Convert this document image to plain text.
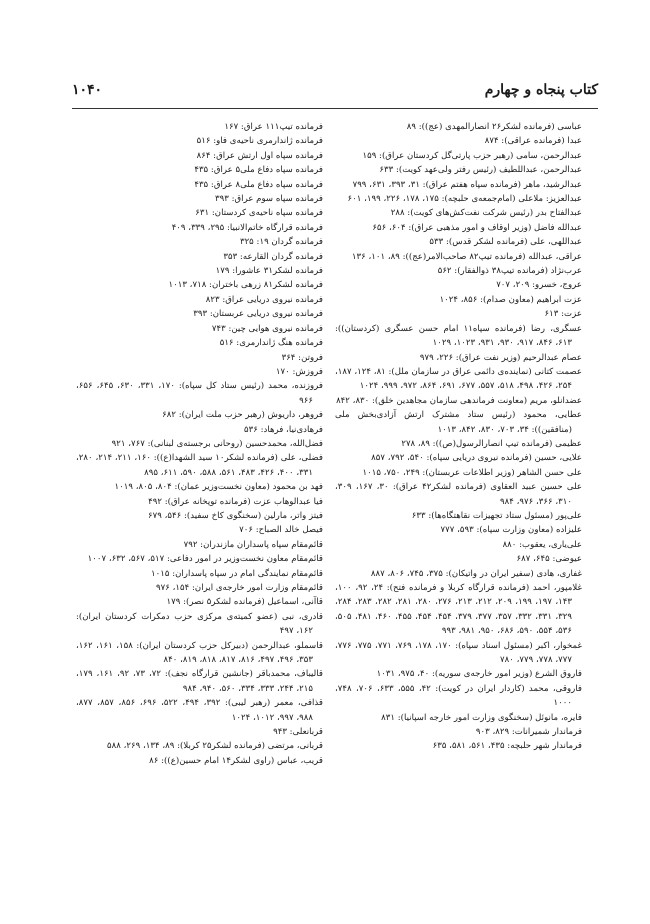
کتاب پنجاه و چهارم
۱۰۴۰

عباسی (فرمانده لشکر۲۶ انصارالمهدی (عج)): ۸۹

عبدا (فرمانده عراقی): ۸۷۴

عبدالرحمن، سامی (رهبر حزب پارتی‌گل کردستان عراق): ۱۵۹

عبدالرحمن، عبداللطیف (رئیس رفتر ولی‌عهد کویت): ۶۳۳

عبدالرشید، ماهر (فرمانده سپاه هفتم عراق): ۳۱، ۳۹۳، ۶۳۱، ۷۹۹

عبدالعزیز: ملاعلی (امام‌جمعه‌ی حلبچه): ۱۷۵، ۱۷۸، ۲۲۶، ۱۹۹، ۶۰۱

عبدالفتاح بدر (رئیس شرکت نفت‌کش‌های کویت): ۲۸۸

عبدالله فاضل (وزیر اوقاف و امور مذهبی عراق): ۶۰۴، ۶۵۶

عبداللهی، علی (فرمانده لشکر قدس): ۵۳۳

عراقی، عبدالله (فرمانده تیپ۸۲ صاحب‌الامر(عج)): ۸۹، ۱۰۱، ۱۳۶

عرب‌نژاد (فرمانده تیپ۳۸ ذوالفقار): ۵۶۲

عروج، خسرو: ۲۰۹، ۷۰۷

عزت ابراهیم (معاون صدام): ۸۵۶، ۱۰۲۴

عزت: ۶۱۳

عسگری، رضا (فرمانده سپاه۱۱ امام حسن عسگری (کردستان)): ۶۱۳، ۸۴۶، ۹۱۷، ۹۳۰، ۹۳۱، ۱۰۲۳، ۱۰۲۹

عصام عبدالرحیم (وزیر نفت عراق): ۲۲۶، ۹۷۹

عصمت کتانی (نماینده‌ی دائمی عراق در سازمان ملل): ۸۱، ۱۲۴، ۱۸۷، ۲۵۴، ۴۲۶، ۴۹۸، ۵۱۸، ۵۵۷، ۶۷۷، ۶۹۱، ۸۶۴، ۹۷۲، ۹۹۹، ۱۰۲۴

عضدانلو، مریم (معاونت فرماندهی سازمان مجاهدین خلق): ۸۳۰، ۸۴۲

عطایی، محمود (رئیس ستاد مشترک ارتش آزادی‌بخش ملی (منافقین)): ۳۴، ۷۰۳، ۸۳۰، ۸۴۲، ۱۰۱۳

عظیمی (فرمانده تیپ انصارالرسول(ص)): ۸۹، ۲۷۸

علایی، حسین (فرمانده نیروی دریایی سپاه): ۵۴۰، ۷۹۲، ۸۵۷

علی حسن الشاهر (وزیر اطلاعات عربستان): ۲۴۹، ۷۵۰، ۱۰۱۵

علی حسین عبید العقاوی (فرمانده لشکر۴۲ عراق): ۳۰، ۱۶۷، ۳۰۹، ۳۱۰، ۳۶۶، ۹۷۶، ۹۸۴

علی‌پور (مسئول ستاد تجهیزات نقاهتگاه‌ها): ۶۳۳

علیزاده (معاون وزارت سپاه): ۵۹۳، ۷۷۷

علی‌یاری، یعقوب: ۸۸۰

عیوضی: ۶۴۵، ۶۸۷

غفاری، هادی (سفیر ایران در واتیکان): ۳۷۵، ۷۴۵، ۸۰۶، ۸۸۷

غلامپور، احمد (فرمانده قرارگاه کربلا و فرمانده فتح): ۲۴، ۹۲، ۱۰۰، ۱۴۳، ۱۹۷، ۱۹۹، ۲۰۹، ۲۱۲، ۲۱۳، ۲۷۶، ۲۸۰، ۲۸۱، ۲۸۲، ۲۸۳، ۲۸۴، ۳۲۹، ۳۳۱، ۳۳۲، ۳۵۷، ۳۷۷، ۳۷۹، ۴۵۴، ۴۵۴، ۴۵۵، ۴۶۰، ۴۸۱، ۵۰۵، ۵۳۶، ۵۵۴، ۵۹۰، ۶۸۶، ۹۵۰، ۹۸۱، ۹۹۳

غمخوار، اکبر (مسئول اسناد سپاه): ۱۷۰، ۱۷۸، ۷۶۹، ۷۷۱، ۷۷۵، ۷۷۶، ۷۷۷، ۷۷۸، ۷۷۹، ۷۸۰

فاروق الشرع (وزیر امور خارجه‌ی سوریه): ۴۰، ۹۷۵، ۱۰۳۱

فاروقی، محمد (کاردار ایران در کویت): ۴۲، ۵۵۵، ۶۳۳، ۷۰۶، ۷۴۸، ۱۰۰۰

فایره، مانوئل (سخنگوی وزارت امور خارجه اسپانیا): ۸۳۱

فرماندار شمیرانات: ۸۲۹، ۹۰۳

فرماندار شهر حلبچه: ۴۳۵، ۵۶۱، ۵۸۱، ۶۳۵

فرمانده تیپ۱۱۱ عراق: ۱۶۷

فرمانده ژاندارمری ناحیه‌ی فاو: ۵۱۶

فرمانده سپاه اول ارتش عراق: ۸۶۴

فرمانده سپاه دفاع ملی۵ عراق: ۴۳۵

فرمانده سپاه دفاع ملی۸ عراق: ۴۳۵

فرمانده سپاه سوم عراق: ۳۹۳

فرمانده سپاه ناحیه‌ی کردستان: ۶۳۱

فرمانده قرارگاه خاتم‌الانبیا: ۲۹۵، ۳۳۹، ۴۰۹

فرمانده گردان ۱۹: ۳۲۵

فرمانده گردان القارعه: ۳۵۳

فرمانده لشکر۳۱ عاشورا: ۱۷۹

فرمانده لشکر۸۱ زرهی باختران: ۷۱۸، ۱۰۱۳

فرمانده نیروی دریایی عراق: ۸۲۳

فرمانده نیروی دریایی عربستان: ۳۹۳

فرمانده نیروی هوایی چین: ۷۴۳

فرمانده هنگ ژاندارمری: ۵۱۶

فروتن: ۳۶۴

فروزش: ۱۷۰

فروزنده، محمد (رئیس ستاد کل سپاه): ۱۷۰، ۳۳۱، ۶۳۰، ۶۴۵، ۶۵۶، ۹۶۶

فروهر، داریوش (رهبر حزب ملت ایران): ۶۸۲

فرهادی‌نیا، فرهاد: ۵۳۶

فضل‌الله، محمدحسین (روحانی برجسته‌ی لبنانی): ۷۶۷، ۹۲۱

فضلی، علی (فرمانده لشکر۱۰ سید الشهدا(ع)): ۱۶۰، ۲۱۱، ۲۱۴، ۲۸۰، ۳۳۱، ۴۰۰، ۴۲۶، ۴۸۳، ۵۶۱، ۵۸۸، ۵۹۰، ۶۱۱، ۸۹۵

فهد بن محمود (معاون نخست‌وزیر عمان): ۸۰۴، ۸۰۵، ۱۰۱۹

فیا عبدالوهاب عزت (فرمانده توپخانه عراق): ۴۹۲

فیتز واتر، مارلین (سخنگوی کاخ سفید): ۵۴۶، ۶۷۹

فیصل خالد الصباح: ۷۰۶

قائم‌مقام سپاه پاسداران مازندران: ۷۹۲

قائم‌مقام معاون نخست‌وزیر در امور دفاعی: ۵۱۷، ۵۶۷، ۶۳۲، ۱۰۰۷

قائم‌مقام نمایندگی امام در سپاه پاسداران: ۱۰۱۵

قائم‌مقام وزارت امور خارجه‌ی ایران: ۱۵۴، ۹۷۶

قاآنی، اسماعیل (فرمانده لشکر۵ نصر): ۱۷۹

قادری، نبی (عضو کمیته‌ی مرکزی حزب دمکرات کردستان ایران): ۱۶۲، ۴۹۷

قاسملو، عبدالرحمن (دبیرکل حزب کردستان ایران): ۱۵۸، ۱۶۱، ۱۶۲، ۳۵۳، ۴۹۶، ۴۹۷، ۸۱۶، ۸۱۷، ۸۱۸، ۸۱۹، ۸۴۰

قالیباف، محمدباقر (جانشین قرارگاه نجف): ۷۲، ۷۳، ۹۲، ۱۶۱، ۱۷۹، ۲۱۵، ۲۴۴، ۳۳۳، ۳۳۴، ۵۶۰، ۹۴۰، ۹۸۴

قذافی، معمر (رهبر لیبی): ۳۹۲، ۴۹۴، ۵۲۲، ۶۹۶، ۸۵۶، ۸۵۷، ۸۷۷، ۹۸۸، ۹۹۷، ۱۰۱۲، ۱۰۲۴

قربانعلی: ۹۴۳

قربانی، مرتضی (فرمانده لشکر۲۵ کربلا): ۸۹، ۱۳۴، ۲۶۹، ۵۸۸

قریب، عباس (راوی لشکر۱۴ امام حسین(ع)): ۸۶
